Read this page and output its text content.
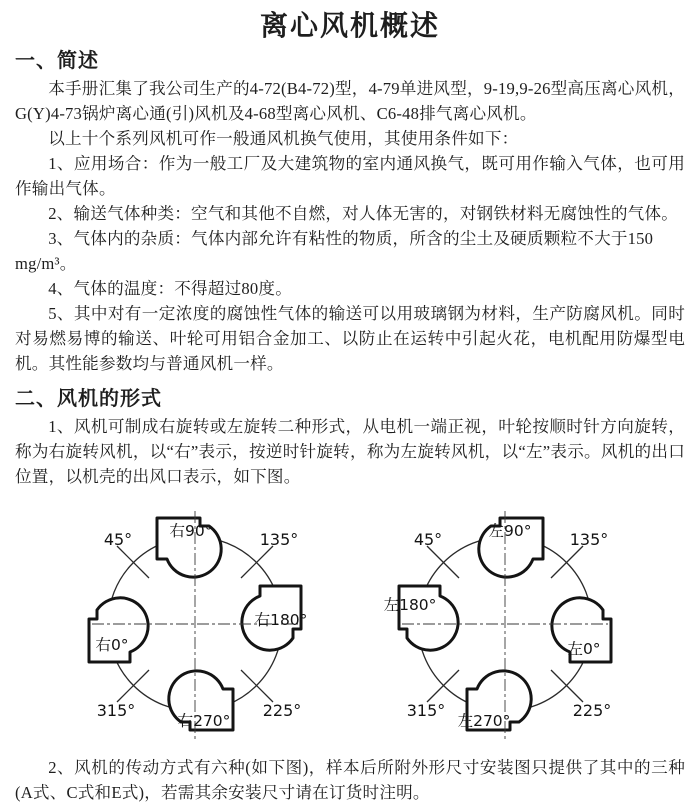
离心风机概述
一、简述

本手册汇集了我公司生产的4-72(B4-72)型，4-79单进风型，9-19,9-26型高压离心风机，G(Y)4-73锅炉离心通(引)风机及4-68型离心风机、C6-48排气离心风机。

以上十个系列风机可作一般通风机换气使用，其使用条件如下：

1、应用场合：作为一般工厂及大建筑物的室内通风换气，既可用作输入气体，也可用作输出气体。

2、输送气体种类：空气和其他不自燃，对人体无害的，对钢铁材料无腐蚀性的气体。

3、气体内的杂质：气体内部允许有粘性的物质，所含的尘土及硬质颗粒不大于150
mg/m³。

4、气体的温度：不得超过80度。

5、其中对有一定浓度的腐蚀性气体的输送可以用玻璃钢为材料，生产防腐风机。同时对易燃易博的输送、叶轮可用铝合金加工、以防止在运转中引起火花，电机配用防爆型电机。其性能参数均与普通风机一样。

二、风机的形式

1、风机可制成右旋转或左旋转二种形式，从电机一端正视，叶轮按顺时针方向旋转，称为右旋转风机，以“右”表示，按逆时针旋转，称为左旋转风机，以“左”表示。风机的出口位置，以机壳的出风口表示，如下图。

45°	135°
225°
315°
右90°
右180°
右270°
右0°
45°	135°
225°
315°
左90°
左0°
左270°
左180°

2、风机的传动方式有六种(如下图)，样本后所附外形尺寸安装图只提供了其中的三种(A式、C式和E式)，若需其余安装尺寸请在订货时注明。
